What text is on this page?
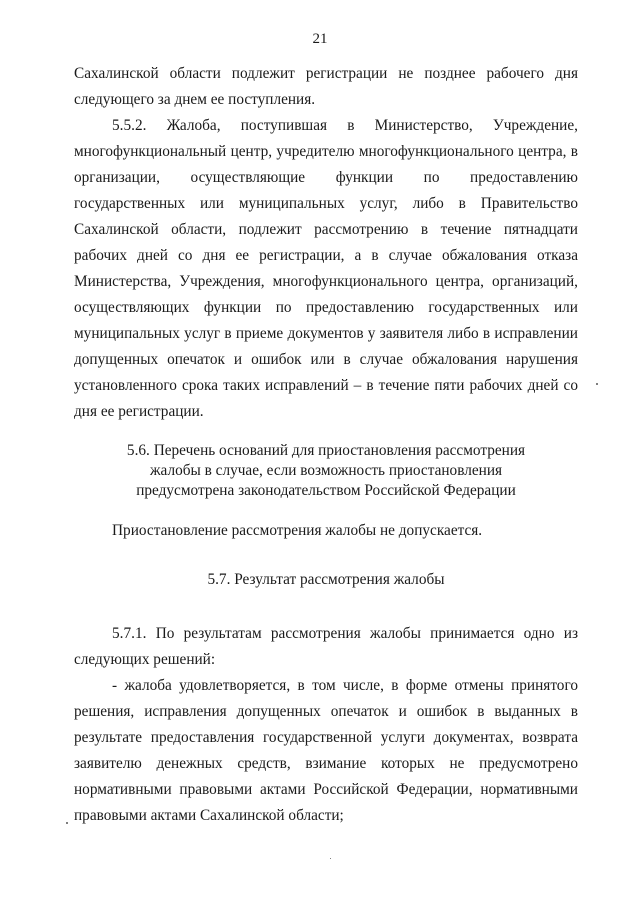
21
Сахалинской области подлежит регистрации не позднее рабочего дня следующего за днем ее поступления.
5.5.2. Жалоба, поступившая в Министерство, Учреждение, многофункциональный центр, учредителю многофункционального центра, в организации, осуществляющие функции по предоставлению государственных или муниципальных услуг, либо в Правительство Сахалинской области, подлежит рассмотрению в течение пятнадцати рабочих дней со дня ее регистрации, а в случае обжалования отказа Министерства, Учреждения, многофункционального центра, организаций, осуществляющих функции по предоставлению государственных или муниципальных услуг в приеме документов у заявителя либо в исправлении допущенных опечаток и ошибок или в случае обжалования нарушения установленного срока таких исправлений – в течение пяти рабочих дней со дня ее регистрации.
5.6. Перечень оснований для приостановления рассмотрения
жалобы в случае, если возможность приостановления
предусмотрена законодательством Российской Федерации
Приостановление рассмотрения жалобы не допускается.
5.7. Результат рассмотрения жалобы
5.7.1. По результатам рассмотрения жалобы принимается одно из следующих решений:
- жалоба удовлетворяется, в том числе, в форме отмены принятого решения, исправления допущенных опечаток и ошибок в выданных в результате предоставления государственной услуги документах, возврата заявителю денежных средств, взимание которых не предусмотрено нормативными правовыми актами Российской Федерации, нормативными правовыми актами Сахалинской области;
